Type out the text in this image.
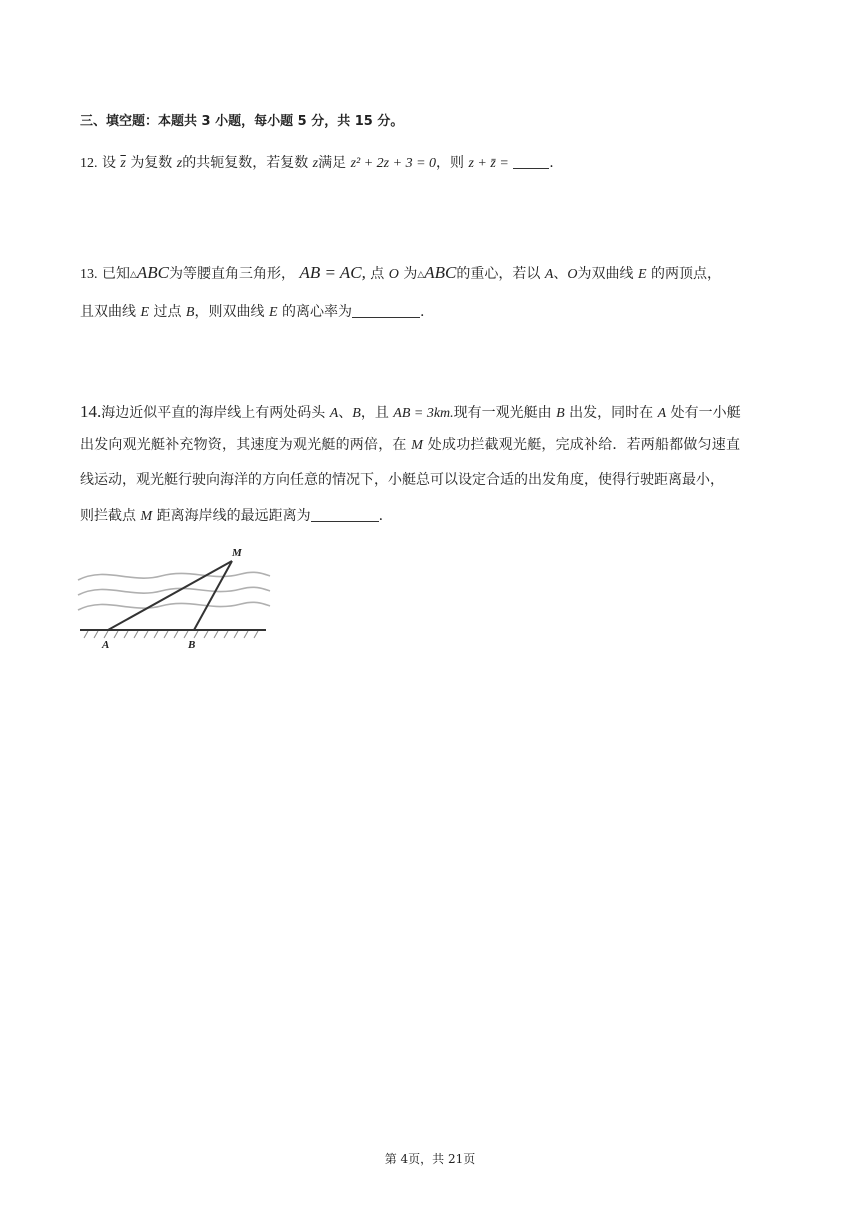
三、填空题：本题共 3 小题，每小题 5 分，共 15 分。
12. 设 $\overline{z}$ 为复数 z的共轭复数，若复数 z满足 z² + 2z + 3 = 0，则 z + z̄ =	.
13. 已知△ABC为等腰直角三角形， AB = AC, 点 O 为△ABC的重心，若以 A、O为双曲线 E 的两顶点，
且双曲线 E 过点 B，则双曲线 E 的离心率为	.
14.海边近似平直的海岸线上有两处码头 A、B，且 AB = 3km.现有一观光艇由 B 出发，同时在 A 处有一小艇
出发向观光艇补充物资，其速度为观光艇的两倍，在 M 处成功拦截观光艇，完成补给．若两船都做匀速直
线运动，观光艇行驶向海洋的方向任意的情况下，小艇总可以设定合适的出发角度，使得行驶距离最小，
则拦截点 M 距离海岸线的最远距离为	.
M
A	B
第 4页，共 21页
